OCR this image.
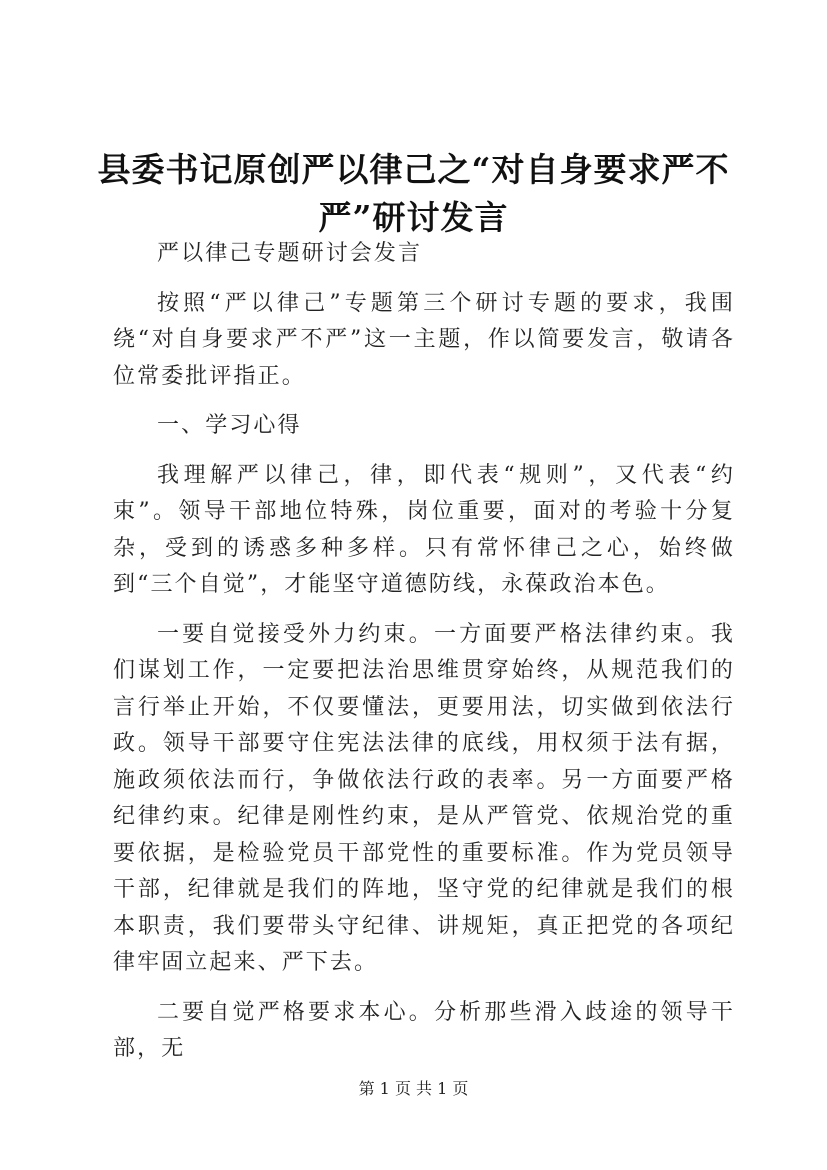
县委书记原创严以律己之“对自身要求严不严”研讨发言

严以律己专题研讨会发言

按照“严以律己”专题第三个研讨专题的要求，我围绕“对自身要求严不严”这一主题，作以简要发言，敬请各位常委批评指正。

一、学习心得

我理解严以律己，律，即代表“规则”，又代表“约束”。领导干部地位特殊，岗位重要，面对的考验十分复杂，受到的诱惑多种多样。只有常怀律己之心，始终做到“三个自觉”，才能坚守道德防线，永葆政治本色。

一要自觉接受外力约束。一方面要严格法律约束。我们谋划工作，一定要把法治思维贯穿始终，从规范我们的言行举止开始，不仅要懂法，更要用法，切实做到依法行政。领导干部要守住宪法法律的底线，用权须于法有据，施政须依法而行，争做依法行政的表率。另一方面要严格纪律约束。纪律是刚性约束，是从严管党、依规治党的重要依据，是检验党员干部党性的重要标准。作为党员领导干部，纪律就是我们的阵地，坚守党的纪律就是我们的根本职责，我们要带头守纪律、讲规矩，真正把党的各项纪律牢固立起来、严下去。

二要自觉严格要求本心。分析那些滑入歧途的领导干部，无

第 1 页 共 1 页
